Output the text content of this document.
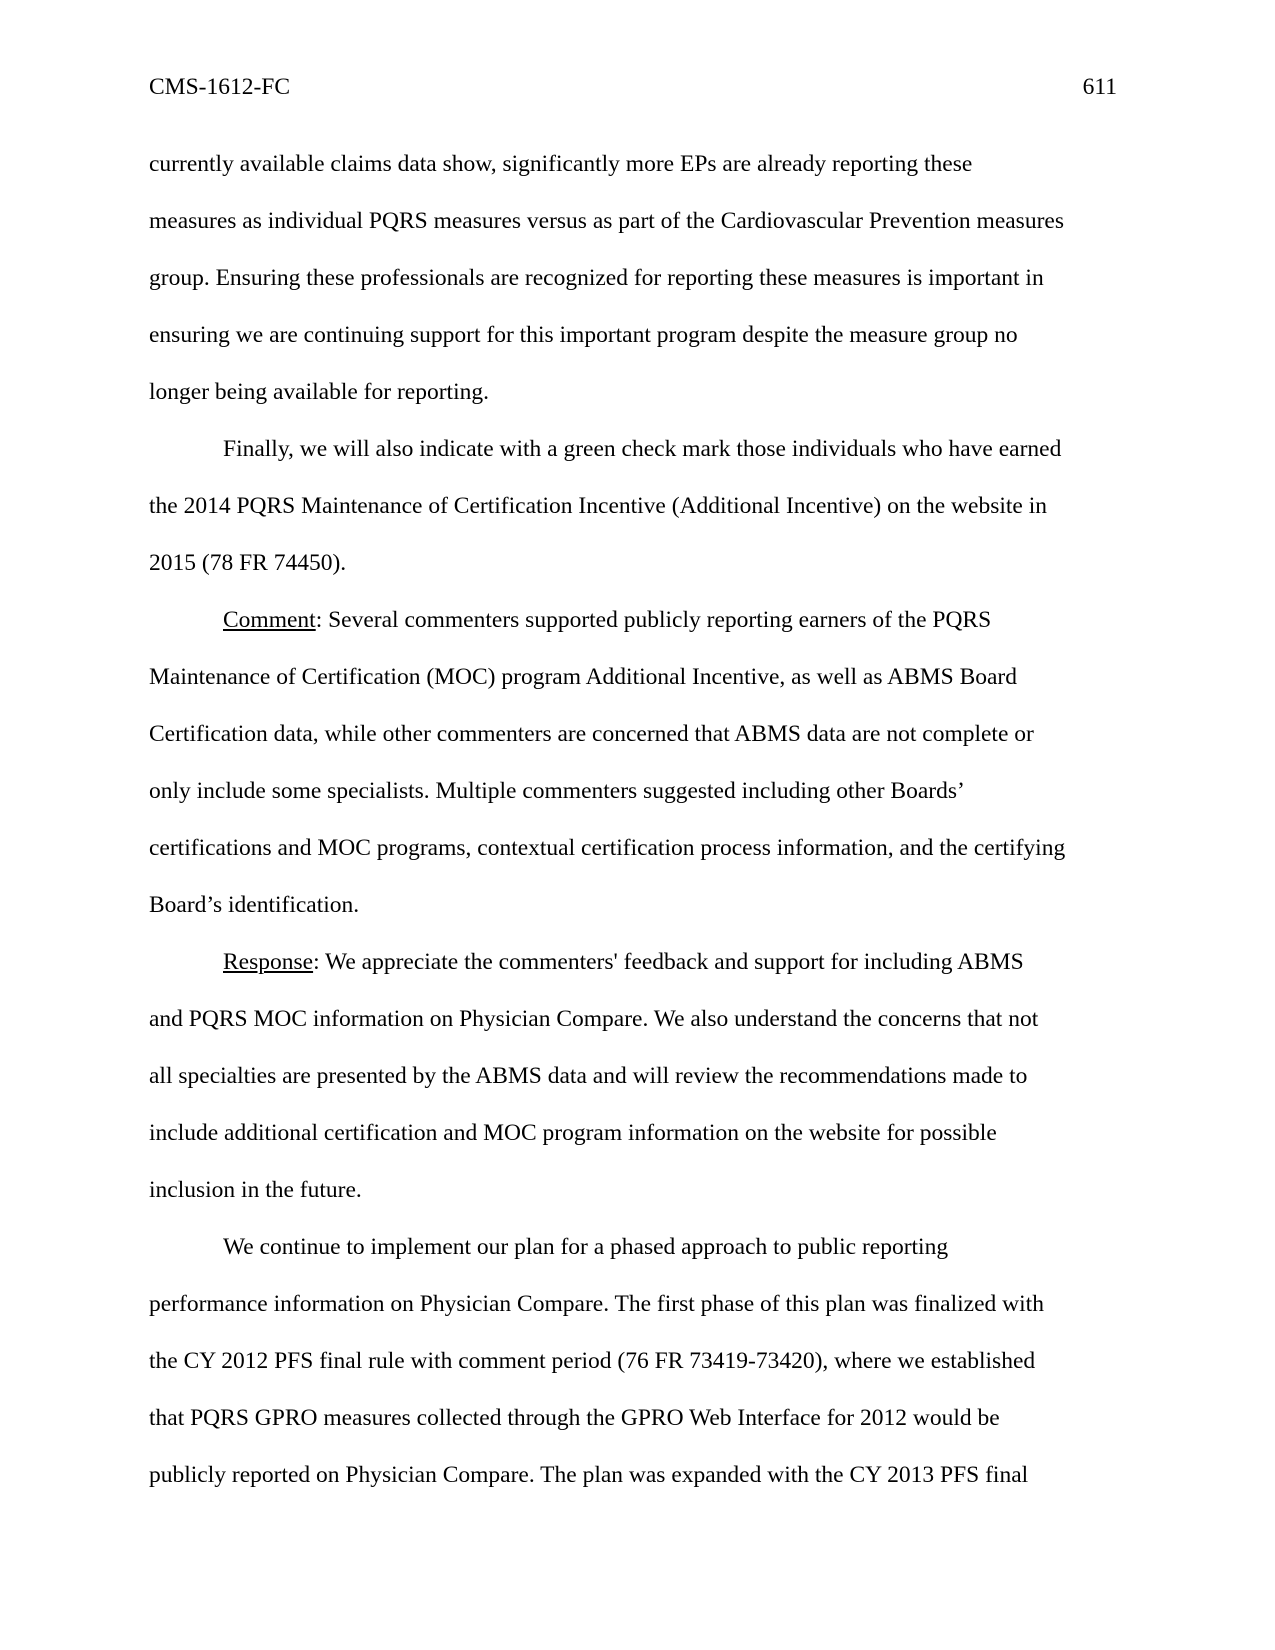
CMS-1612-FC	611
currently available claims data show, significantly more EPs are already reporting these
measures as individual PQRS measures versus as part of the Cardiovascular Prevention measures
group. Ensuring these professionals are recognized for reporting these measures is important in
ensuring we are continuing support for this important program despite the measure group no
longer being available for reporting.
Finally, we will also indicate with a green check mark those individuals who have earned
the 2014 PQRS Maintenance of Certification Incentive (Additional Incentive) on the website in
2015 (78 FR 74450).
Comment: Several commenters supported publicly reporting earners of the PQRS
Maintenance of Certification (MOC) program Additional Incentive, as well as ABMS Board
Certification data, while other commenters are concerned that ABMS data are not complete or
only include some specialists. Multiple commenters suggested including other Boards’
certifications and MOC programs, contextual certification process information, and the certifying
Board’s identification.
Response: We appreciate the commenters' feedback and support for including ABMS
and PQRS MOC information on Physician Compare. We also understand the concerns that not
all specialties are presented by the ABMS data and will review the recommendations made to
include additional certification and MOC program information on the website for possible
inclusion in the future.
We continue to implement our plan for a phased approach to public reporting
performance information on Physician Compare. The first phase of this plan was finalized with
the CY 2012 PFS final rule with comment period (76 FR 73419-73420), where we established
that PQRS GPRO measures collected through the GPRO Web Interface for 2012 would be
publicly reported on Physician Compare. The plan was expanded with the CY 2013 PFS final
